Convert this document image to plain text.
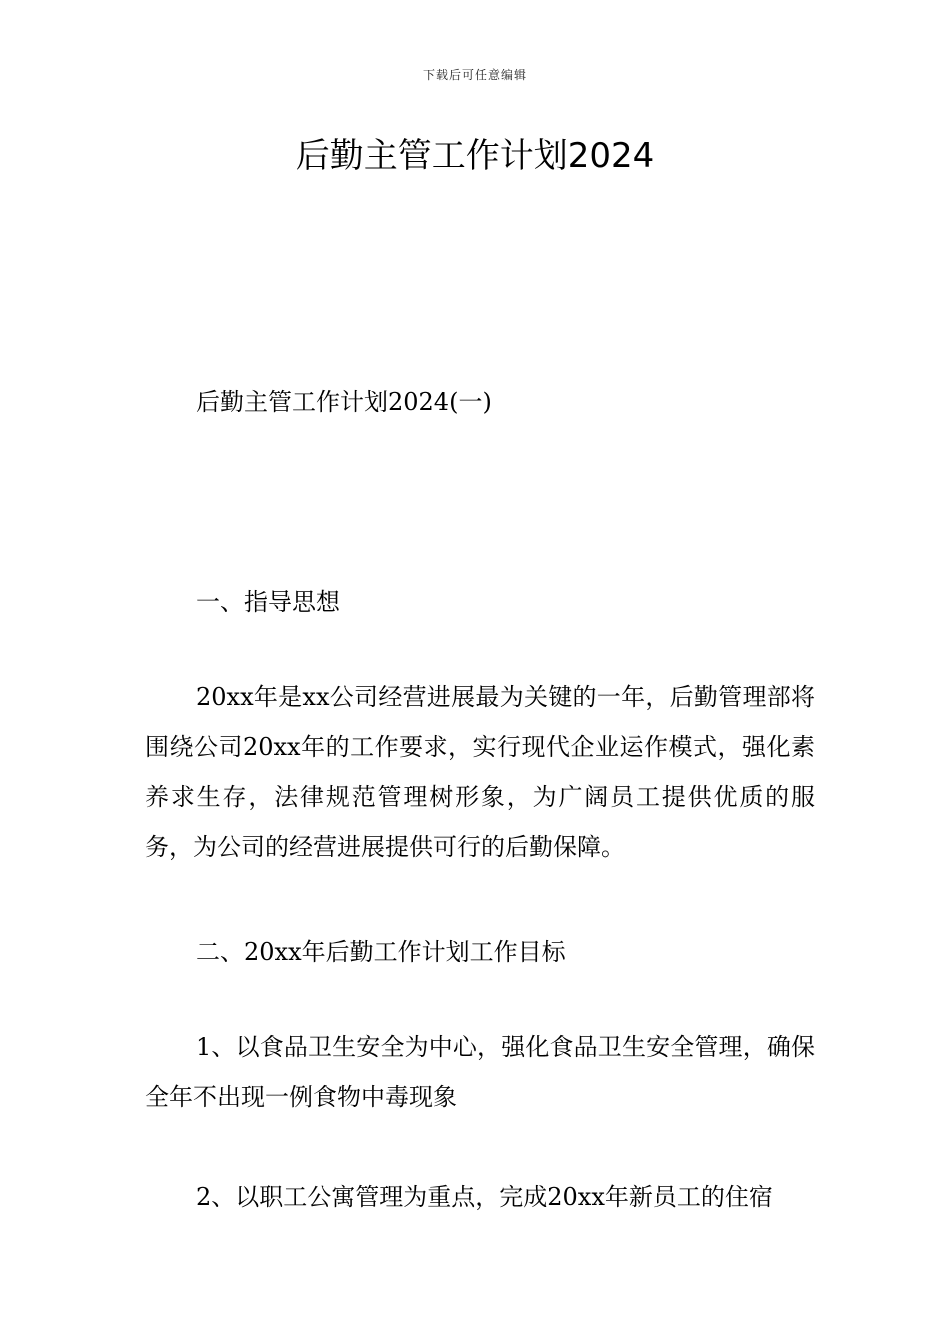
下载后可任意编辑
后勤主管工作计划2024

后勤主管工作计划2024(一)

一、指导思想

20xx年是xx公司经营进展最为关键的一年，后勤管理部将围绕公司20xx年的工作要求，实行现代企业运作模式，强化素养求生存，法律规范管理树形象，为广阔员工提供优质的服务，为公司的经营进展提供可行的后勤保障。

二、20xx年后勤工作计划工作目标

1、以食品卫生安全为中心，强化食品卫生安全管理，确保全年不出现一例食物中毒现象

2、以职工公寓管理为重点，完成20xx年新员工的住宿
